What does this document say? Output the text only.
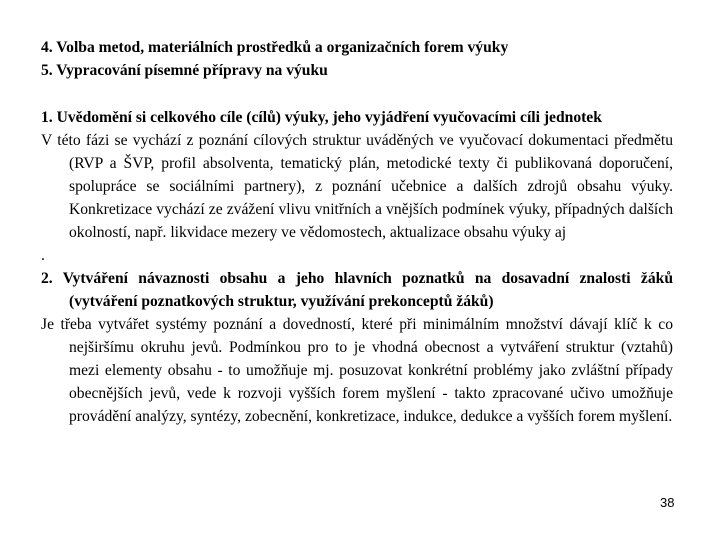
4. Volba metod, materiálních prostředků a organizačních forem výuky
5. Vypracování písemné přípravy na výuku
1. Uvědomění si celkového cíle (cílů) výuky, jeho vyjádření vyučovacími cíli jednotek
V této fázi se vychází z poznání cílových struktur uváděných ve vyučovací dokumentaci předmětu (RVP a ŠVP, profil absolventa, tematický plán, metodické texty či publikovaná doporučení, spolupráce se sociálními partnery), z poznání učebnice a dalších zdrojů obsahu výuky. Konkretizace vychází ze zvážení vlivu vnitřních a vnějších podmínek výuky, případných dalších okolností, např. likvidace mezery ve vědomostech, aktualizace obsahu výuky aj
.
2. Vytváření návaznosti obsahu a jeho hlavních poznatků na dosavadní znalosti žáků (vytváření poznatkových struktur, využívání prekonceptů žáků)
Je třeba vytvářet systémy poznání a dovedností, které při minimálním množství dávají klíč k co nejširšímu okruhu jevů. Podmínkou pro to je vhodná obecnost a vytváření struktur (vztahů) mezi elementy obsahu - to umožňuje mj. posuzovat konkrétní problémy jako zvláštní případy obecnějších jevů, vede k rozvoji vyšších forem myšlení - takto zpracované učivo umožňuje provádění analýzy, syntézy, zobecnění, konkretizace, indukce, dedukce a vyšších forem myšlení.
38
